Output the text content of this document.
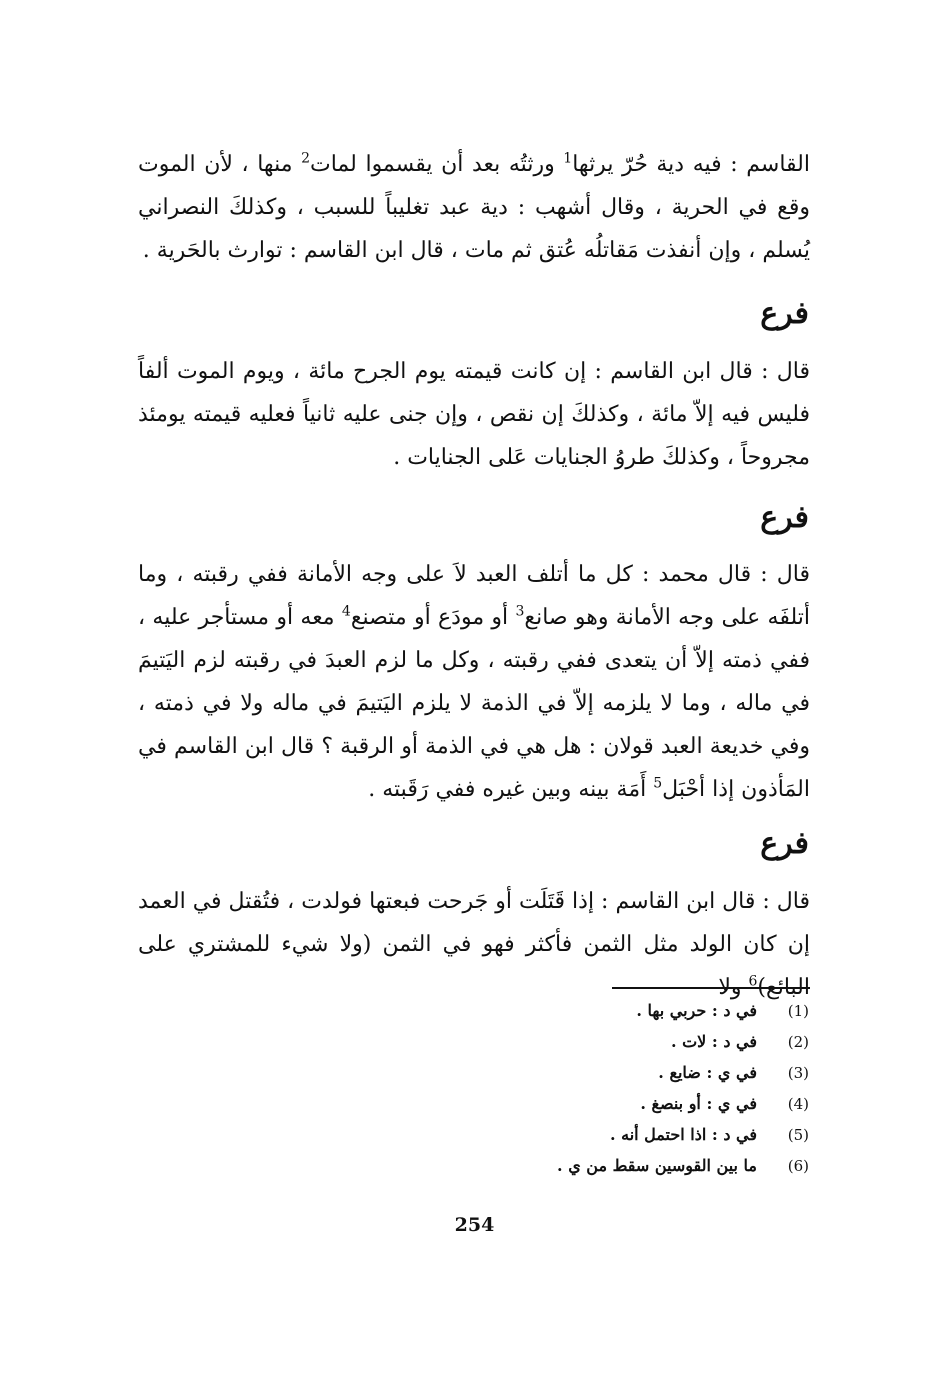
القاسم : فيه دية حُرّ يرثها$^1$ ورثتُه بعد أن يقسموا لمات$^2$ منها ، لأن الموت وقع في الحرية ، وقال أشهب : دية عبد تغليباً للسبب ، وكذلكَ النصراني يُسلم ، وإن أنفذت مَقاتلُه عُتق ثم مات ، قال ابن القاسم : توارث بالحَرية .

فرع

قال : قال ابن القاسم : إن كانت قيمته يوم الجرح مائة ، ويوم الموت ألفاً فليس فيه إلاّ مائة ، وكذلكَ إن نقص ، وإن جنى عليه ثانياً فعليه قيمته يومئذ مجروحاً ، وكذلكَ طروُ الجنايات عَلى الجنايات .

فرع

قال : قال محمد : كل ما أتلف العبد لاَ على وجه الأمانة ففي رقبته ، وما أتلفَه على وجه الأمانة وهو صانع$^3$ أو مودَع أو متصنع$^4$ معه أو مستأجر عليه ، ففي ذمته إلاّ أن يتعدى ففي رقبته ، وكل ما لزم العبدَ في رقبته لزم اليَتيمَ في ماله ، وما لا يلزمه إلاّ في الذمة لا يلزم اليَتيمَ في ماله ولا في ذمته ، وفي خديعة العبد قولان : هل هي في الذمة أو الرقبة ؟ قال ابن القاسم في المَأذون إذا أحْبَل$^5$ أَمَة بينه وبين غيره ففي رَقَبته .

فرع

قال : قال ابن القاسم : إذا قَتَلَت أو جَرحت فبعتها فولدت ، فتُقتل في العمد إن كان الولد مثل الثمن فأكثر فهو في الثمن (ولا شيء للمشتري على البائع)$^6$ ولا

(1)في د : حربي بها .
(2)في د : لات .
(3)في ي : ضايع .
(4)في ي : أو بنصغ .
(5)في د : اذا احتمل أنه .
(6)ما بين القوسين سقط من ي .
254
